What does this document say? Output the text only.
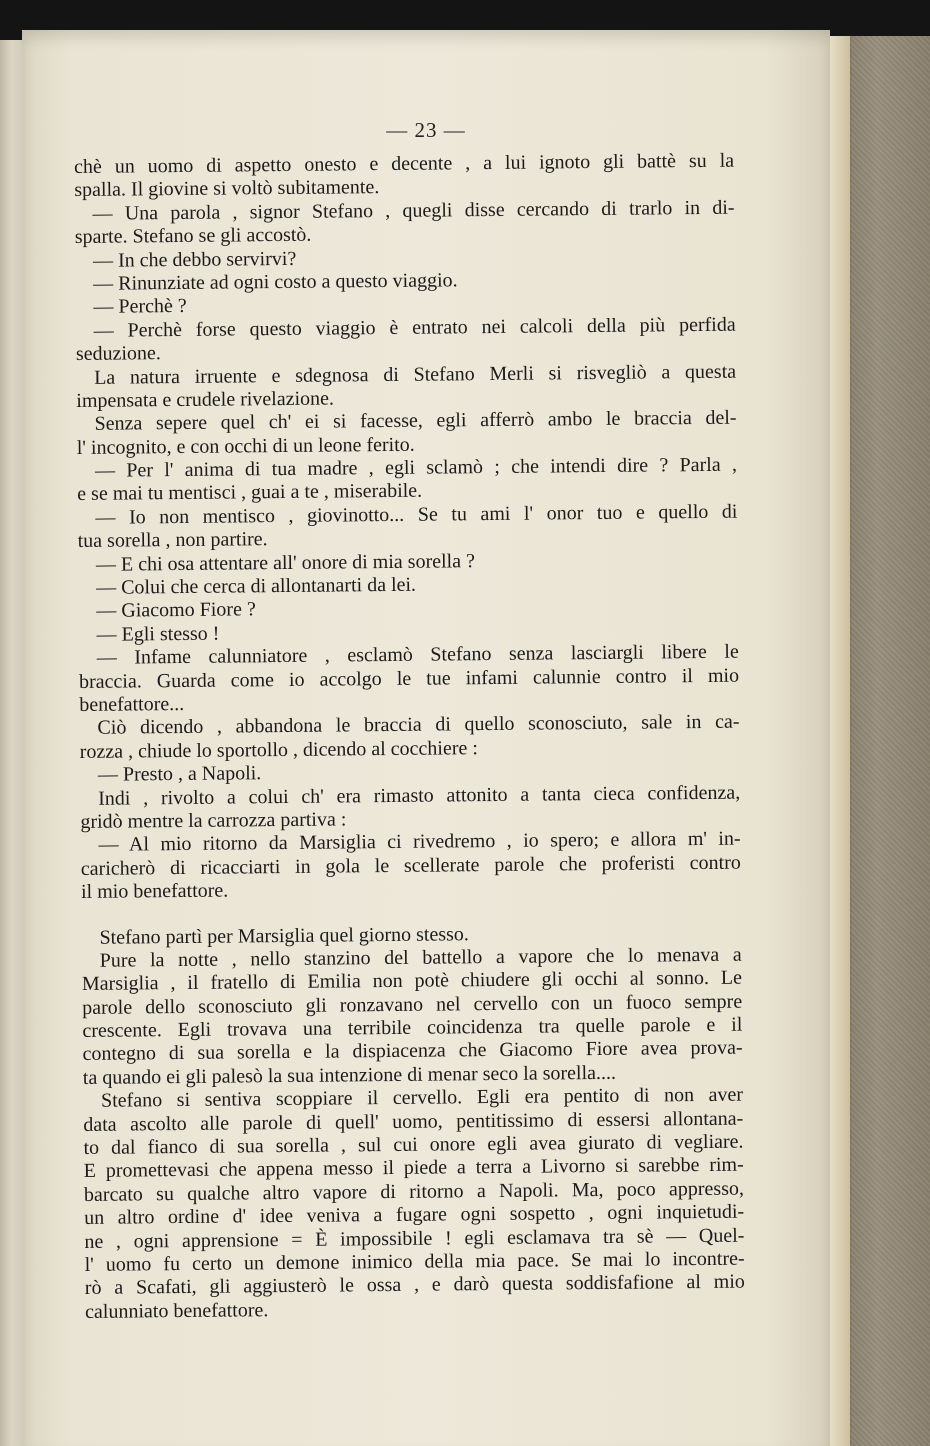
— 23 —
chè un uomo di aspetto onesto e decente , a lui ignoto gli battè su la
spalla. Il giovine si voltò subitamente.
— Una parola , signor Stefano , quegli disse cercando di trarlo in di-
sparte. Stefano se gli accostò.
— In che debbo servirvi?
— Rinunziate ad ogni costo a questo viaggio.
— Perchè ?
— Perchè forse questo viaggio è entrato nei calcoli della più perfida
seduzione.
La natura irruente e sdegnosa di Stefano Merli si risvegliò a questa
impensata e crudele rivelazione.
Senza sepere quel ch' ei si facesse, egli afferrò ambo le braccia del-
l' incognito, e con occhi di un leone ferito.
— Per l' anima di tua madre , egli sclamò ; che intendi dire ? Parla ,
e se mai tu mentisci , guai a te , miserabile.
— Io non mentisco , giovinotto... Se tu ami l' onor tuo e quello di
tua sorella , non partire.
— E chi osa attentare all' onore di mia sorella ?
— Colui che cerca di allontanarti da lei.
— Giacomo Fiore ?
— Egli stesso !
— Infame calunniatore , esclamò Stefano senza lasciargli libere le
braccia. Guarda come io accolgo le tue infami calunnie contro il mio
benefattore...
Ciò dicendo , abbandona le braccia di quello sconosciuto, sale in ca-
rozza , chiude lo sportollo , dicendo al cocchiere :
— Presto , a Napoli.
Indi , rivolto a colui ch' era rimasto attonito a tanta cieca confidenza,
gridò mentre la carrozza partiva :
— Al mio ritorno da Marsiglia ci rivedremo , io spero; e allora m' in-
caricherò di ricacciarti in gola le scellerate parole che proferisti contro
il mio benefattore.
Stefano partì per Marsiglia quel giorno stesso.
Pure la notte , nello stanzino del battello a vapore che lo menava a
Marsiglia , il fratello di Emilia non potè chiudere gli occhi al sonno. Le
parole dello sconosciuto gli ronzavano nel cervello con un fuoco sempre
crescente. Egli trovava una terribile coincidenza tra quelle parole e il
contegno di sua sorella e la dispiacenza che Giacomo Fiore avea prova-
ta quando ei gli palesò la sua intenzione di menar seco la sorella....
Stefano si sentiva scoppiare il cervello. Egli era pentito di non aver
data ascolto alle parole di quell' uomo, pentitissimo di essersi allontana-
to dal fianco di sua sorella , sul cui onore egli avea giurato di vegliare.
E promettevasi che appena messo il piede a terra a Livorno si sarebbe rim-
barcato su qualche altro vapore di ritorno a Napoli. Ma, poco appresso,
un altro ordine d' idee veniva a fugare ogni sospetto , ogni inquietudi-
ne , ogni apprensione = È impossibile ! egli esclamava tra sè — Quel-
l' uomo fu certo un demone inimico della mia pace. Se mai lo incontre-
rò a Scafati, gli aggiusterò le ossa , e darò questa soddisfafione al mio
calunniato benefattore.
